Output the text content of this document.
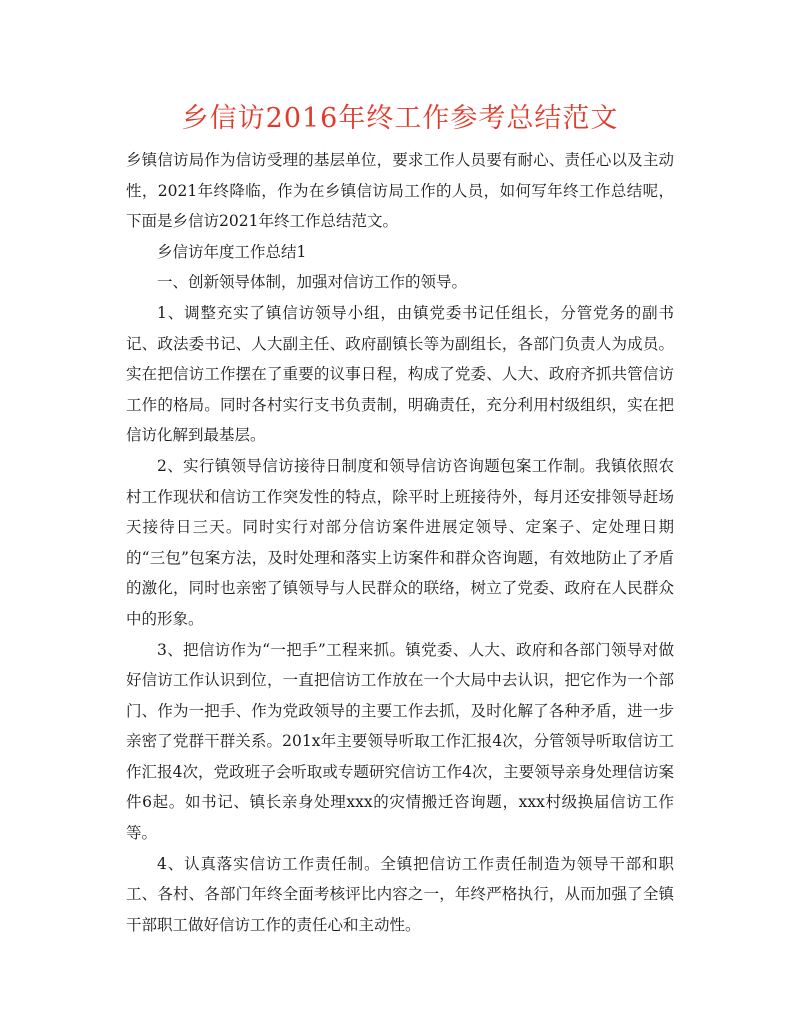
乡信访2016年终工作参考总结范文

乡镇信访局作为信访受理的基层单位，要求工作人员要有耐心、责任心以及主动性，2021年终降临，作为在乡镇信访局工作的人员，如何写年终工作总结呢，下面是乡信访2021年终工作总结范文。

乡信访年度工作总结1

一、创新领导体制，加强对信访工作的领导。

1、调整充实了镇信访领导小组，由镇党委书记任组长，分管党务的副书记、政法委书记、人大副主任、政府副镇长等为副组长，各部门负责人为成员。实在把信访工作摆在了重要的议事日程，构成了党委、人大、政府齐抓共管信访工作的格局。同时各村实行支书负责制，明确责任，充分利用村级组织，实在把信访化解到最基层。

2、实行镇领导信访接待日制度和领导信访咨询题包案工作制。我镇依照农村工作现状和信访工作突发性的特点，除平时上班接待外，每月还安排领导赶场天接待日三天。同时实行对部分信访案件进展定领导、定案子、定处理日期的“三包”包案方法，及时处理和落实上访案件和群众咨询题，有效地防止了矛盾的激化，同时也亲密了镇领导与人民群众的联络，树立了党委、政府在人民群众中的形象。

3、把信访作为“一把手”工程来抓。镇党委、人大、政府和各部门领导对做好信访工作认识到位，一直把信访工作放在一个大局中去认识，把它作为一个部门、作为一把手、作为党政领导的主要工作去抓，及时化解了各种矛盾，进一步亲密了党群干群关系。201x年主要领导听取工作汇报4次，分管领导听取信访工作汇报4次，党政班子会听取或专题研究信访工作4次，主要领导亲身处理信访案件6起。如书记、镇长亲身处理xxx的灾情搬迁咨询题，xxx村级换届信访工作等。

4、认真落实信访工作责任制。全镇把信访工作责任制造为领导干部和职工、各村、各部门年终全面考核评比内容之一，年终严格执行，从而加强了全镇干部职工做好信访工作的责任心和主动性。
